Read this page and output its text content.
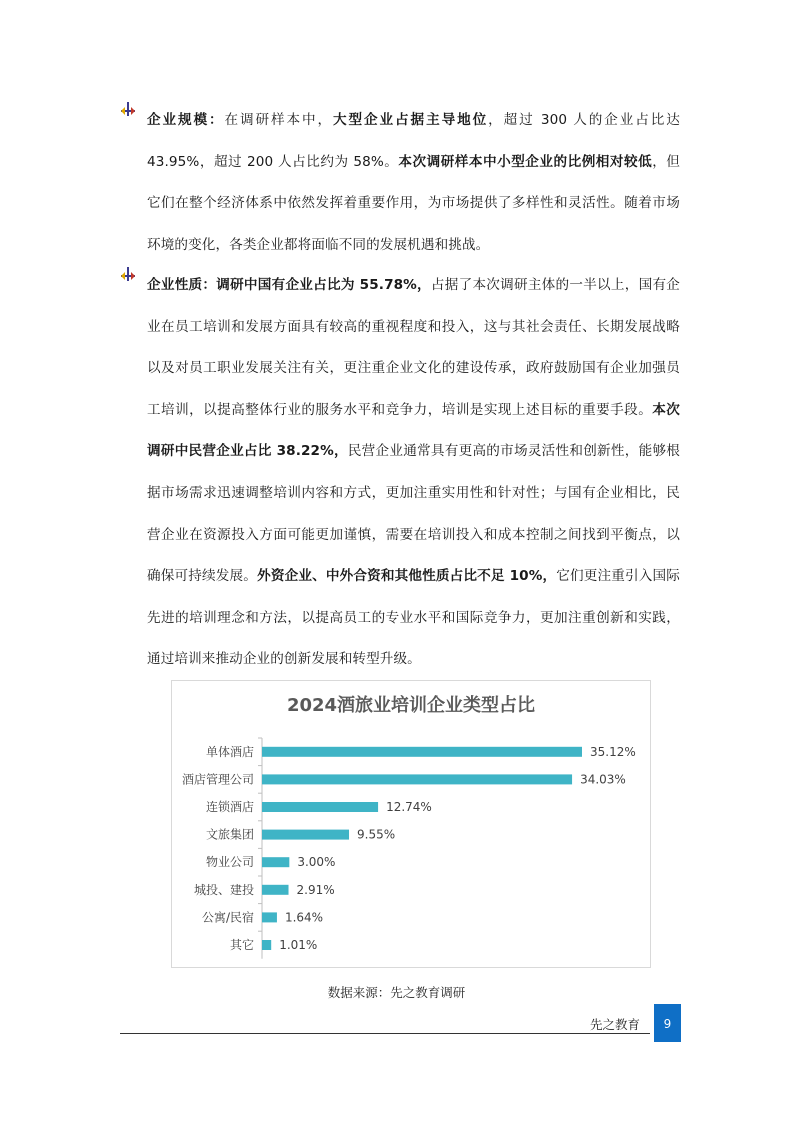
企业规模：在调研样本中，大型企业占据主导地位，超过 300 人的企业占比达 43.95%，超过 200 人占比约为 58%。本次调研样本中小型企业的比例相对较低，但它们在整个经济体系中依然发挥着重要作用，为市场提供了多样性和灵活性。随着市场环境的变化，各类企业都将面临不同的发展机遇和挑战。

企业性质：调研中国有企业占比为 55.78%，占据了本次调研主体的一半以上，国有企业在员工培训和发展方面具有较高的重视程度和投入，这与其社会责任、长期发展战略以及对员工职业发展关注有关，更注重企业文化的建设传承，政府鼓励国有企业加强员工培训，以提高整体行业的服务水平和竞争力，培训是实现上述目标的重要手段。本次调研中民营企业占比 38.22%，民营企业通常具有更高的市场灵活性和创新性，能够根据市场需求迅速调整培训内容和方式，更加注重实用性和针对性；与国有企业相比，民营企业在资源投入方面可能更加谨慎，需要在培训投入和成本控制之间找到平衡点，以确保可持续发展。外资企业、中外合资和其他性质占比不足 10%，它们更注重引入国际先进的培训理念和方法，以提高员工的专业水平和国际竞争力，更加注重创新和实践，通过培训来推动企业的创新发展和转型升级。

2024酒旅业培训企业类型占比
单体酒店	35.12%
酒店管理公司	34.03%
连锁酒店	12.74%
文旅集团	9.55%
物业公司	3.00%
城投、建投	2.91%
公寓/民宿	1.64%
其它 1.01%
数据来源：先之教育调研
先之教育	9
